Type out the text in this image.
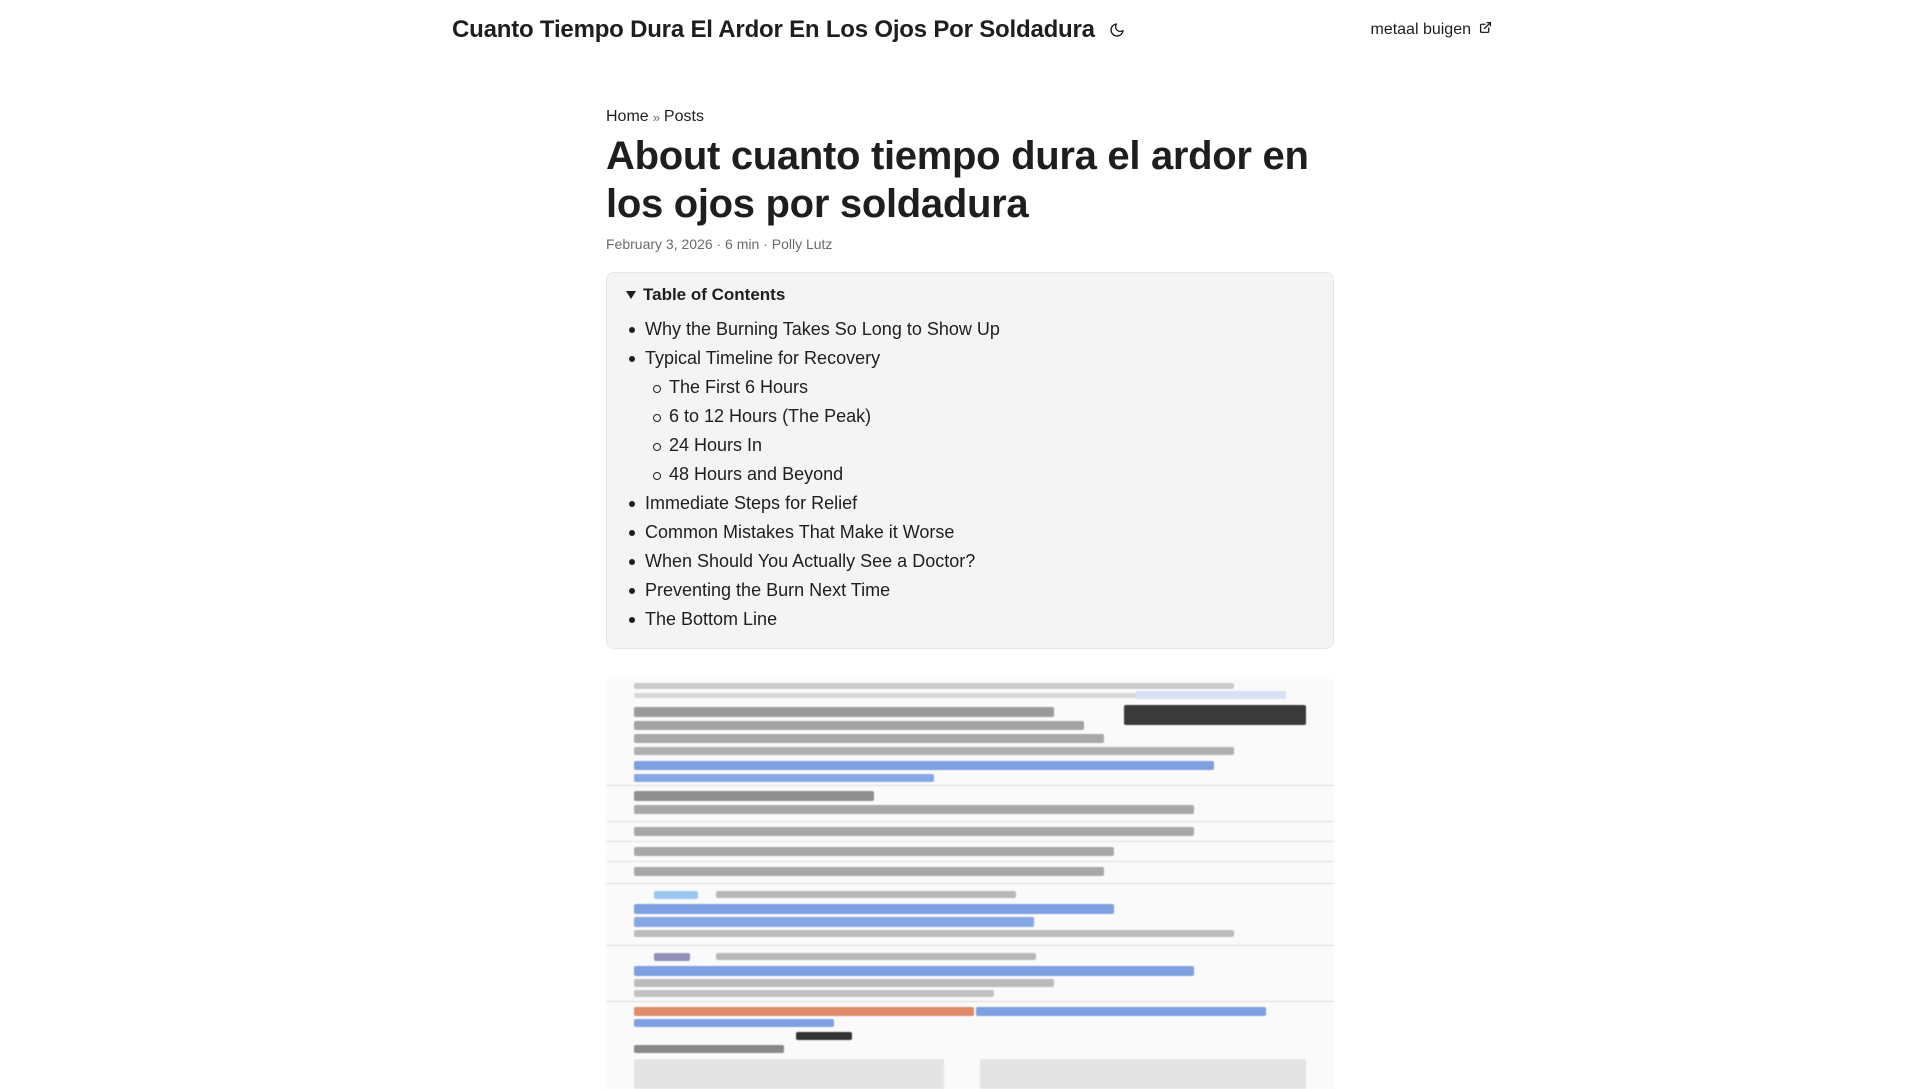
Cuanto Tiempo Dura El Ardor En Los Ojos Por Soldadura	metaal buigen
Home » Posts
About cuanto tiempo dura el ardor en los ojos por soldadura
February 3, 2026 · 6 min · Polly Lutz
Table of Contents
Why the Burning Takes So Long to Show Up
Typical Timeline for Recovery
The First 6 Hours
6 to 12 Hours (The Peak)
24 Hours In
48 Hours and Beyond
Immediate Steps for Relief
Common Mistakes That Make it Worse
When Should You Actually See a Doctor?
Preventing the Burn Next Time
The Bottom Line
